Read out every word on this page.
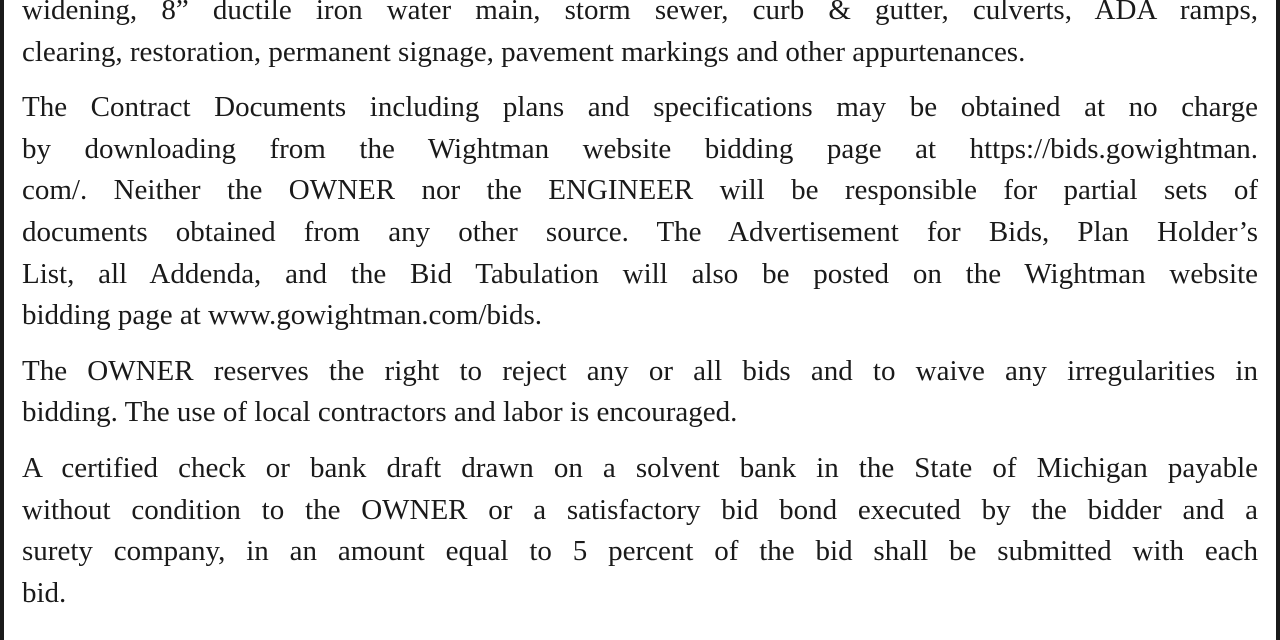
widening, 8” ductile iron water main, storm sewer, curb & gutter, culverts, ADA ramps,
clearing, restoration, permanent signage, pavement markings and other appurtenances.

The Contract Documents including plans and specifications may be obtained at no charge
by downloading from the Wightman website bidding page at https://bids.gowightman.
com/. Neither the OWNER nor the ENGINEER will be responsible for partial sets of
documents obtained from any other source. The Advertisement for Bids, Plan Holder’s
List, all Addenda, and the Bid Tabulation will also be posted on the Wightman website
bidding page at www.gowightman.com/bids.

The OWNER reserves the right to reject any or all bids and to waive any irregularities in
bidding. The use of local contractors and labor is encouraged.

A certified check or bank draft drawn on a solvent bank in the State of Michigan payable
without condition to the OWNER or a satisfactory bid bond executed by the bidder and a
surety company, in an amount equal to 5 percent of the bid shall be submitted with each
bid.
